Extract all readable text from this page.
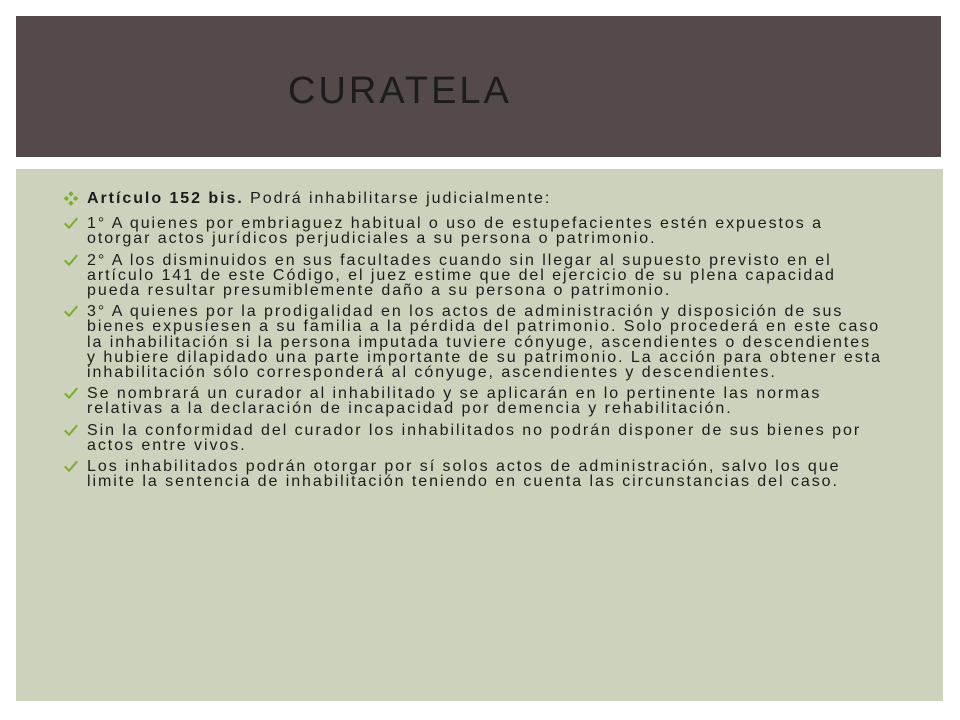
CURATELA
Artículo 152 bis. Podrá inhabilitarse judicialmente:
1° A quienes por embriaguez habitual o uso de estupefacientes estén expuestos a otorgar actos jurídicos perjudiciales a su persona o patrimonio.
2° A los disminuidos en sus facultades cuando sin llegar al supuesto previsto en el artículo 141 de este Código, el juez estime que del ejercicio de su plena capacidad pueda resultar presumiblemente daño a su persona o patrimonio.
3° A quienes por la prodigalidad en los actos de administración y disposición de sus bienes expusiesen a su familia a la pérdida del patrimonio. Solo procederá en este caso la inhabilitación si la persona imputada tuviere cónyuge, ascendientes o descendientes y hubiere dilapidado una parte importante de su patrimonio. La acción para obtener esta inhabilitación sólo corresponderá al cónyuge, ascendientes y descendientes.
Se nombrará un curador al inhabilitado y se aplicarán en lo pertinente las normas relativas a la declaración de incapacidad por demencia y rehabilitación.
Sin la conformidad del curador los inhabilitados no podrán disponer de sus bienes por actos entre vivos.
Los inhabilitados podrán otorgar por sí solos actos de administración, salvo los que limite la sentencia de inhabilitación teniendo en cuenta las circunstancias del caso.
